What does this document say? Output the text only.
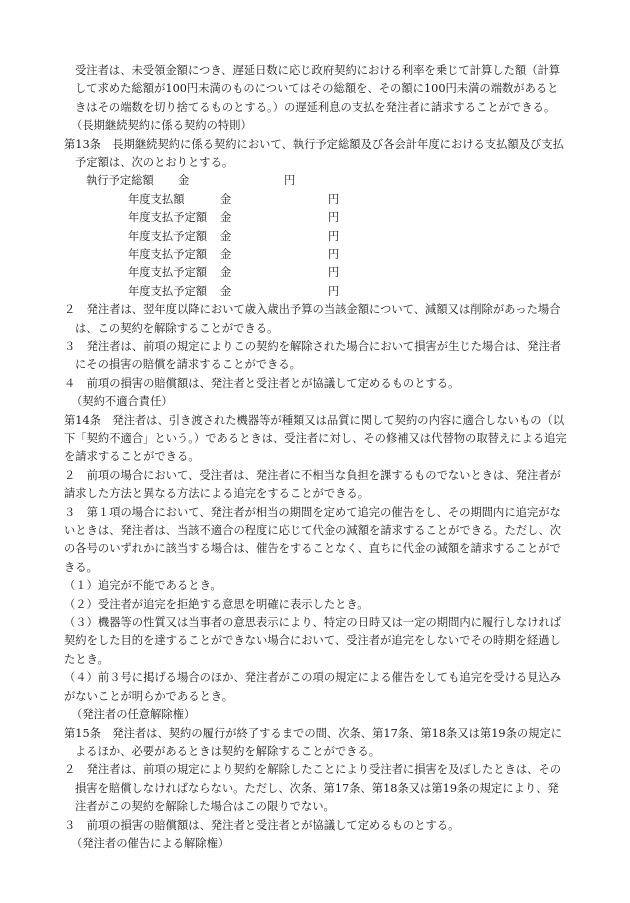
受注者は、未受領金額につき、遅延日数に応じ政府契約における利率を乗じて計算した額（計算して求めた総額が100円未満のものについてはその総額を、その額に100円未満の端数があるときはその端数を切り捨てるものとする。）の遅延利息の支払を発注者に請求することができる。

（長期継続契約に係る契約の特則）

第13条　長期継続契約に係る契約において、執行予定総額及び各会計年度における支払額及び支払予定額は、次のとおりとする。

執行予定総額	金	円
年度支払額	金	円
年度支払予定額	金	円
年度支払予定額	金	円
年度支払予定額	金	円
年度支払予定額	金	円
年度支払予定額	金	円

２　発注者は、翌年度以降において歳入歳出予算の当該金額について、減額又は削除があった場合は、この契約を解除することができる。

３　発注者は、前項の規定によりこの契約を解除された場合において損害が生じた場合は、発注者にその損害の賠償を請求することができる。

４　前項の損害の賠償額は、発注者と受注者とが協議して定めるものとする。

（契約不適合責任）

第14条　発注者は、引き渡された機器等が種類又は品質に関して契約の内容に適合しないもの（以下「契約不適合」という。）であるときは、受注者に対し、その修補又は代替物の取替えによる追完を請求することができる。

２　前項の場合において、受注者は、発注者に不相当な負担を課するものでないときは、発注者が請求した方法と異なる方法による追完をすることができる。

３　第１項の場合において、発注者が相当の期間を定めて追完の催告をし、その期間内に追完がないときは、発注者は、当該不適合の程度に応じて代金の減額を請求することができる。ただし、次の各号のいずれかに該当する場合は、催告をすることなく、直ちに代金の減額を請求することができる。

（１）追完が不能であるとき。

（２）受注者が追完を拒絶する意思を明確に表示したとき。

（３）機器等の性質又は当事者の意思表示により、特定の日時又は一定の期間内に履行しなければ契約をした目的を達することができない場合において、受注者が追完をしないでその時期を経過したとき。

（４）前３号に掲げる場合のほか、発注者がこの項の規定による催告をしても追完を受ける見込みがないことが明らかであるとき。

（発注者の任意解除権）

第15条　発注者は、契約の履行が終了するまでの間、次条、第17条、第18条又は第19条の規定によるほか、必要があるときは契約を解除することができる。

２　発注者は、前項の規定により契約を解除したことにより受注者に損害を及ぼしたときは、その損害を賠償しなければならない。ただし、次条、第17条、第18条又は第19条の規定により、発注者がこの契約を解除した場合はこの限りでない。

３　前項の損害の賠償額は、発注者と受注者とが協議して定めるものとする。

（発注者の催告による解除権）
